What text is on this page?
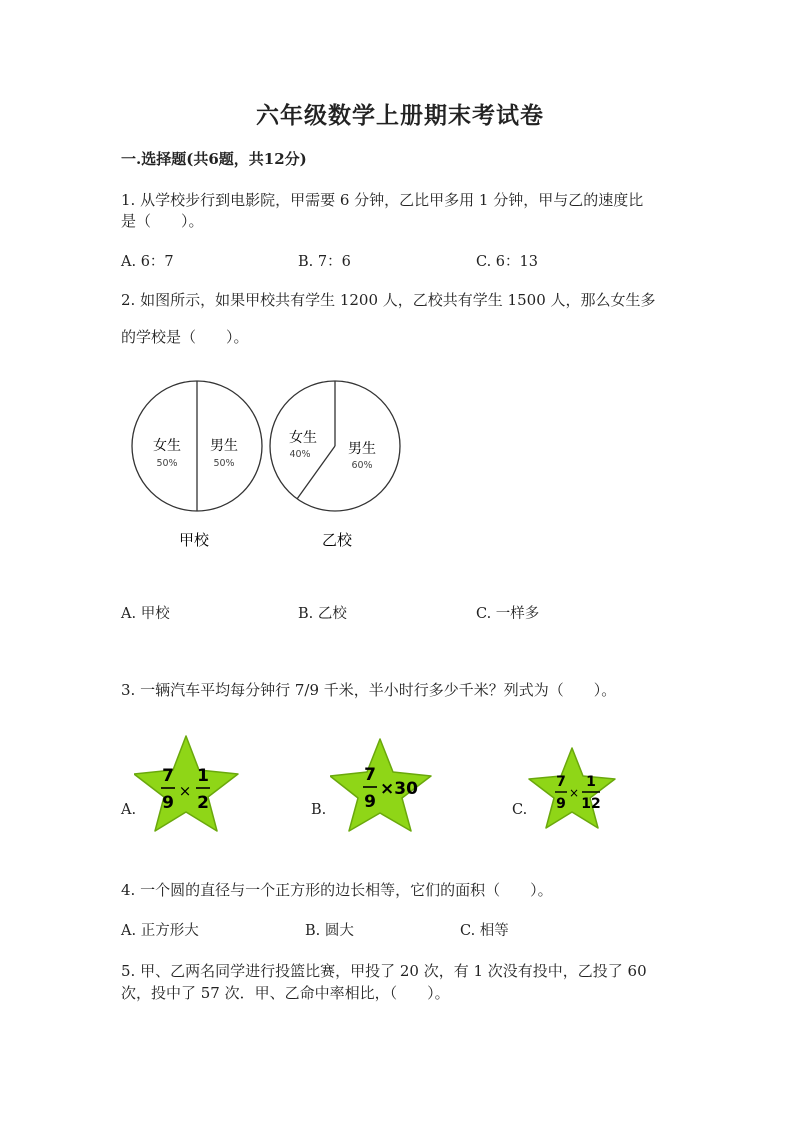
六年级数学上册期末考试卷
一.选择题(共6题，共12分)
1. 从学校步行到电影院，甲需要 6 分钟，乙比甲多用 1 分钟，甲与乙的速度比
是（　　）。
A. 6：7	B. 7：6	C. 6：13
2. 如图所示，如果甲校共有学生 1200 人，乙校共有学生 1500 人，那么女生多
的学校是（　　）。
女生
50%
男生
50%
甲校
女生
40%	男生
60%
乙校
A. 甲校	B. 乙校	C. 一样多
3. 一辆汽车平均每分钟行 7/9 千米，半小时行多少千米？列式为（　　）。
A.
7
9
×
1
2	B.
7
9
×30
C.
7
9
×
1
12
4. 一个圆的直径与一个正方形的边长相等，它们的面积（　　）。
A. 正方形大	B. 圆大	C. 相等
5. 甲、乙两名同学进行投篮比赛，甲投了 20 次，有 1 次没有投中，乙投了 60
次，投中了 57 次．甲、乙命中率相比，（　　）。
